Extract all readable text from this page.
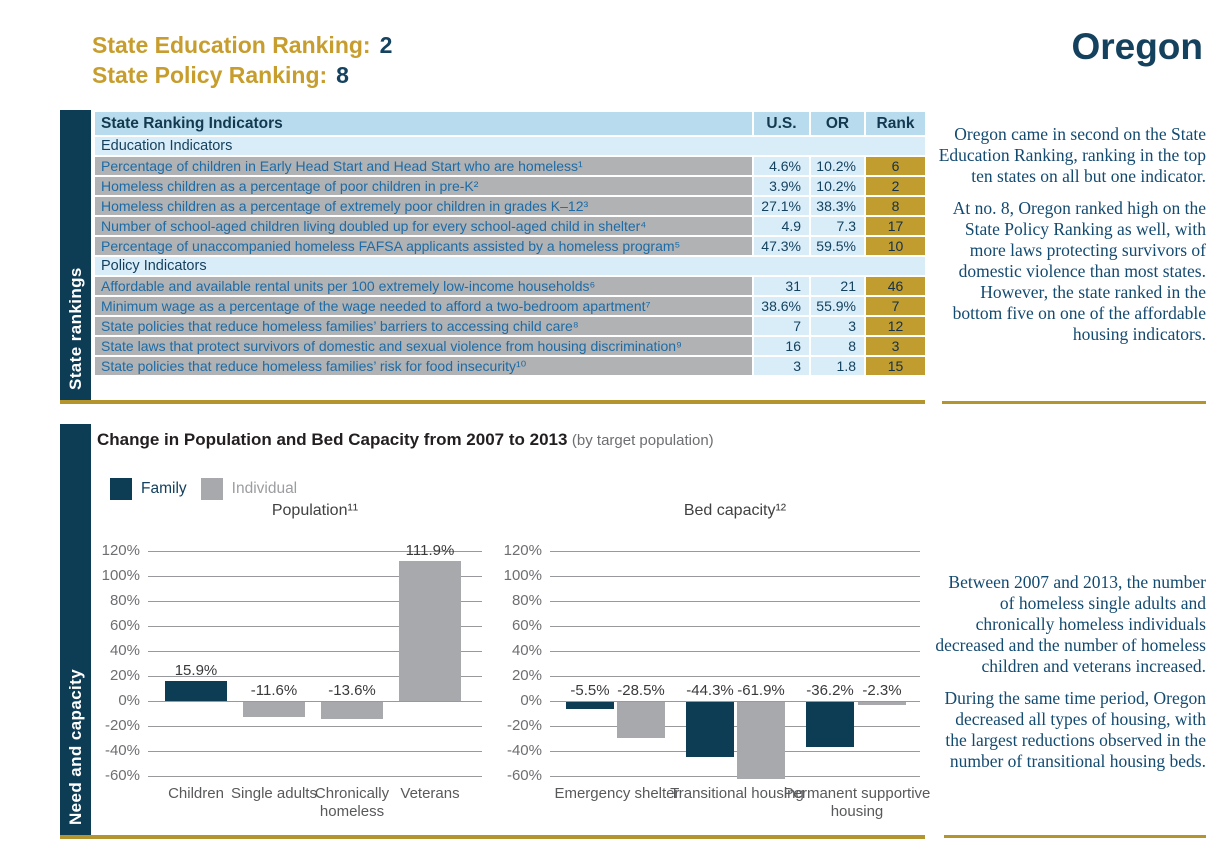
State Education Ranking: 2
State Policy Ranking: 8
Oregon
State rankings
State Ranking Indicators	U.S.	OR	Rank
Education Indicators			
Percentage of children in Early Head Start and Head Start who are homeless¹	4.6%	10.2%	6
Homeless children as a percentage of poor children in pre-K²	3.9%	10.2%	2
Homeless children as a percentage of extremely poor children in grades K–12³	27.1%	38.3%	8
Number of school-aged children living doubled up for every school-aged child in shelter⁴	4.9	7.3	17
Percentage of unaccompanied homeless FAFSA applicants assisted by a homeless program⁵	47.3%	59.5%	10
Policy Indicators			
Affordable and available rental units per 100 extremely low-income households⁶	31	21	46
Minimum wage as a percentage of the wage needed to afford a two-bedroom apartment⁷	38.6%	55.9%	7
State policies that reduce homeless families’ barriers to accessing child care⁸	7	3	12
State laws that protect survivors of domestic and sexual violence from housing discrimination⁹	16	8	3
State policies that reduce homeless families’ risk for food insecurity¹⁰	3	1.8	15

Oregon came in second on the State Education Ranking, ranking in the top ten states on all but one indicator.

At no. 8, Oregon ranked high on the State Policy Ranking as well, with more laws protecting survivors of domestic violence than most states. However, the state ranked in the bottom five on one of the affordable housing indicators.

Need and capacity
Change in Population and Bed Capacity from 2007 to 2013 (by target population)
Family	Individual
Population¹¹	Bed capacity¹²
120%
100%
80%
60%
40%
20%
0%
-20%
-40%
-60%
15.9%
-11.6%	-13.6%
111.9%
Children Single adults
Chronically homeless
Veterans
120%
100%
80%
60%
40%
20%
0%
-20%
-40%
-60%
-5.5% -28.5%	-44.3% -61.9%	-36.2% -2.3%
Emergency shelter
Transitional housing
Permanent supportive housing

Between 2007 and 2013, the number of homeless single adults and chronically homeless individuals decreased and the number of homeless children and veterans increased.

During the same time period, Oregon decreased all types of housing, with the largest reductions observed in the number of transitional housing beds.
